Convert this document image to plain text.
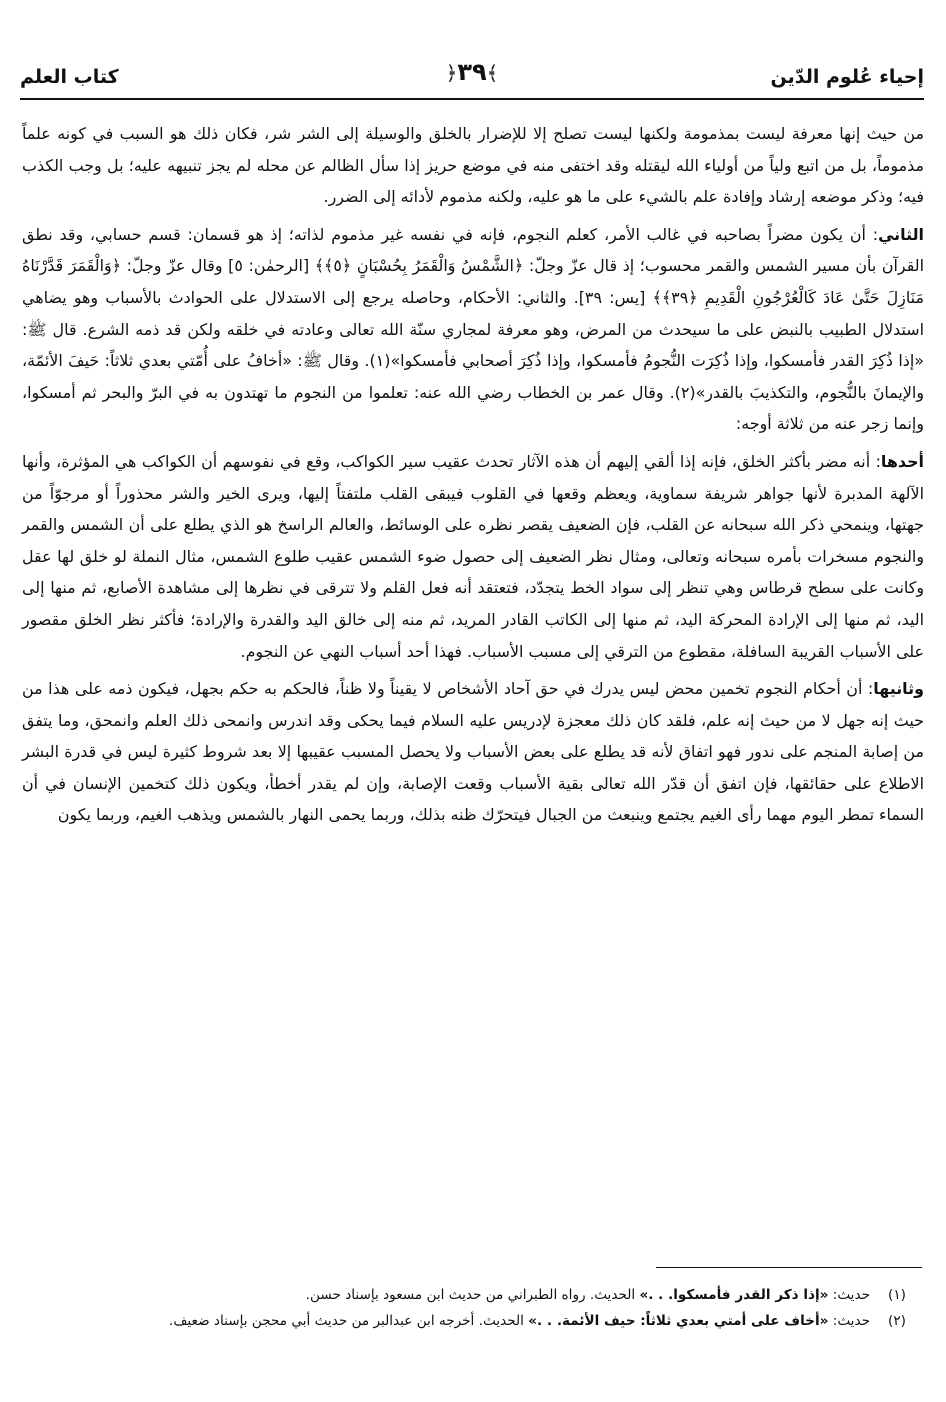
إحياء عُلوم الدّين
﴾٣٩﴿
كتاب العلم

من حيث إنها معرفة ليست بمذمومة ولكنها ليست تصلح إلا للإضرار بالخلق والوسيلة إلى الشر شر، فكان ذلك هو السبب في كونه علماً مذموماً، بل من اتبع ولياً من أولياء الله ليقتله وقد اختفى منه في موضع حريز إذا سأل الظالم عن محله لم يجز تنبيهه عليه؛ بل وجب الكذب فيه؛ وذكر موضعه إرشاد وإفادة علم بالشيء على ما هو عليه، ولكنه مذموم لأدائه إلى الضرر.

الثاني: أن يكون مضراً بصاحبه في غالب الأمر، كعلم النجوم، فإنه في نفسه غير مذموم لذاته؛ إذ هو قسمان: قسم حسابي، وقد نطق القرآن بأن مسير الشمس والقمر محسوب؛ إذ قال عزّ وجلّ: ﴿الشَّمْسُ وَالْقَمَرُ بِحُسْبَانٍ ﴿٥﴾﴾ [الرحمٰن: ٥] وقال عزّ وجلّ: ﴿وَالْقَمَرَ قَدَّرْنَاهُ مَنَازِلَ حَتَّىٰ عَادَ كَالْعُرْجُونِ الْقَدِيمِ ﴿٣٩﴾﴾ [يس: ٣٩]. والثاني: الأحكام، وحاصله يرجع إلى الاستدلال على الحوادث بالأسباب وهو يضاهي استدلال الطبيب بالنبض على ما سيحدث من المرض، وهو معرفة لمجاري سنّة الله تعالى وعادته في خلقه ولكن قد ذمه الشرع. قال ﷺ: «إذا ذُكِرَ القدر فأمسكوا، وإذا ذُكِرَت النُّجومُ فأمسكوا، وإذا ذُكِرَ أصحابي فأمسكوا»(١). وقال ﷺ: «أخافُ على أُمّتي بعدي ثلاثاً: حَيفَ الأئمّة، والإيمانَ بالنُّجوم، والتكذيبَ بالقدر»(٢). وقال عمر بن الخطاب رضي الله عنه: تعلموا من النجوم ما تهتدون به في البرّ والبحر ثم أمسكوا، وإنما زجر عنه من ثلاثة أوجه:

أحدها: أنه مضر بأكثر الخلق، فإنه إذا ألقي إليهم أن هذه الآثار تحدث عقيب سير الكواكب، وقع في نفوسهم أن الكواكب هي المؤثرة، وأنها الآلهة المدبرة لأنها جواهر شريفة سماوية، ويعظم وقعها في القلوب فيبقى القلب ملتفتاً إليها، ويرى الخير والشر محذوراً أو مرجوّاً من جهتها، وينمحي ذكر الله سبحانه عن القلب، فإن الضعيف يقصر نظره على الوسائط، والعالم الراسخ هو الذي يطلع على أن الشمس والقمر والنجوم مسخرات بأمره سبحانه وتعالى، ومثال نظر الضعيف إلى حصول ضوء الشمس عقيب طلوع الشمس، مثال النملة لو خلق لها عقل وكانت على سطح قرطاس وهي تنظر إلى سواد الخط يتجدّد، فتعتقد أنه فعل القلم ولا تترقى في نظرها إلى مشاهدة الأصابع، ثم منها إلى اليد، ثم منها إلى الإرادة المحركة اليد، ثم منها إلى الكاتب القادر المريد، ثم منه إلى خالق اليد والقدرة والإرادة؛ فأكثر نظر الخلق مقصور على الأسباب القريبة السافلة، مقطوع من الترقي إلى مسبب الأسباب. فهذا أحد أسباب النهي عن النجوم.

وثانيها: أن أحكام النجوم تخمين محض ليس يدرك في حق آحاد الأشخاص لا يقيناً ولا ظناً، فالحكم به حكم بجهل، فيكون ذمه على هذا من حيث إنه جهل لا من حيث إنه علم، فلقد كان ذلك معجزة لإدريس عليه السلام فيما يحكى وقد اندرس وانمحى ذلك العلم وانمحق، وما يتفق من إصابة المنجم على ندور فهو اتفاق لأنه قد يطلع على بعض الأسباب ولا يحصل المسبب عقيبها إلا بعد شروط كثيرة ليس في قدرة البشر الاطلاع على حقائقها، فإن اتفق أن قدّر الله تعالى بقية الأسباب وقعت الإصابة، وإن لم يقدر أخطأ، ويكون ذلك كتخمين الإنسان في أن السماء تمطر اليوم مهما رأى الغيم يجتمع وينبعث من الجبال فيتحرّك ظنه بذلك، وربما يحمى النهار بالشمس ويذهب الغيم، وربما يكون

(١)
حديث: «إذا ذكر القدر فأمسكوا. . .» الحديث. رواه الطبراني من حديث ابن مسعود بإسناد حسن.
(٢)
حديث: «أخاف على أمتي بعدي ثلاثاً: حيف الأئمة. . .» الحديث. أخرجه ابن عبدالبر من حديث أبي محجن بإسناد ضعيف.
